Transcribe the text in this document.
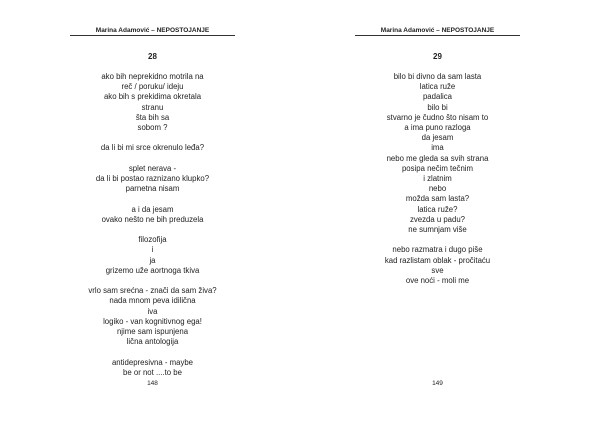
Marina Adamović – NEPOSTOJANJE
28
ako bih neprekidno motrila na
reč / poruku/ ideju
ako bih s prekidima okretala
stranu
šta bih sa
sobom ?
da li bi mi srce okrenulo leđa?
splet nerava -
da li bi postao raznizano klupko?
parnetna nisam
a i da jesam
ovako nešto ne bih preduzela
filozofija
i
ja
grizemo uže aortnoga tkiva
vrlo sam srećna - znači da sam živa?
nada mnom peva idilična
iva
logiko - van kognitivnog ega!
njime sam ispunjena
lična antologija
antidepresivna - maybe
be or not ....to be
148
Marina Adamović – NEPOSTOJANJE
29
bilo bi divno da sam lasta
latica ruže
padalica
bilo bi
stvarno je čudno što nisam to
a ima puno razloga
da jesam
ima
nebo me gleda sa svih strana
posipa nečim tečnim
i zlatnim
nebo
možda sam lasta?
latica ruže?
zvezda u padu?
ne sumnjam više
nebo razmatra i dugo piše
kad razlistam oblak - pročitaću
sve
ove noći - moli me
149
